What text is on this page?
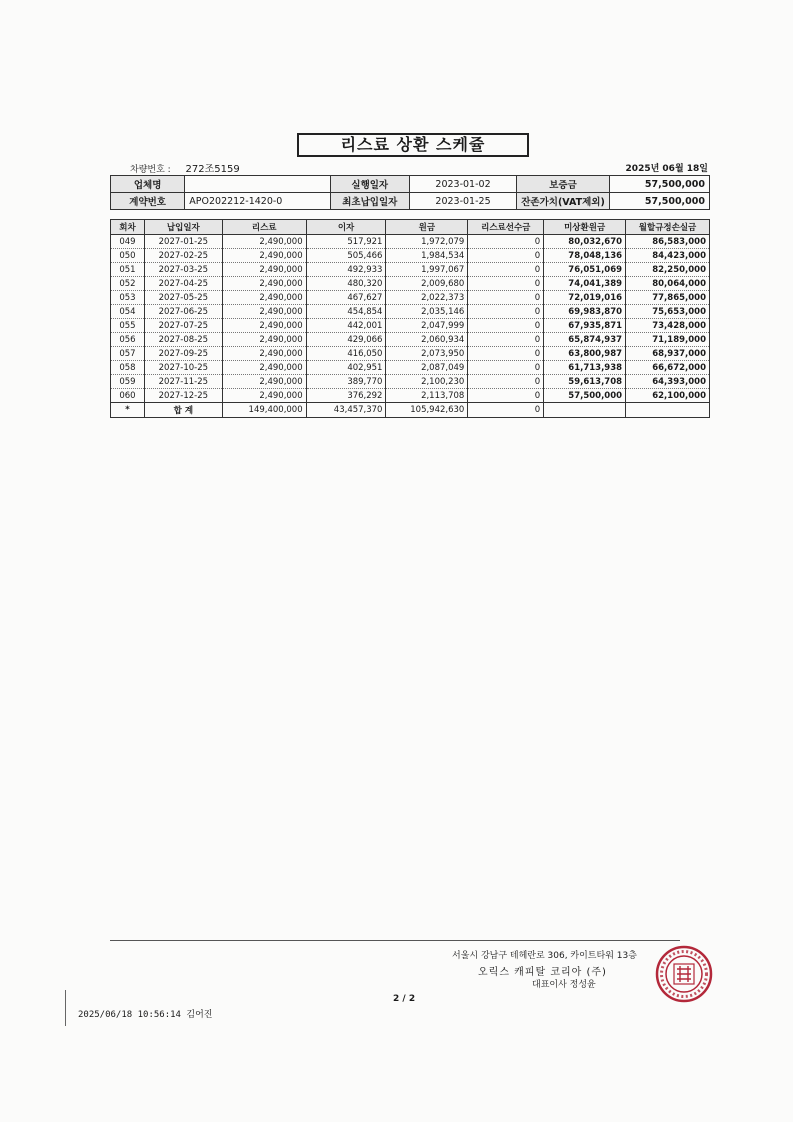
리스료 상환 스케쥴
차량번호 : 272조5159	2025년 06월 18일
업체명		실행일자	2023-01-02	보증금	57,500,000
계약번호	APO202212-1420-0	최초납입일자	2023-01-25	잔존가치(VAT제외)	57,500,000
회차	납입일자	리스료	이자	원금	리스료선수금	미상환원금	월할규정손실금
049	2027-01-25	2,490,000	517,921	1,972,079	0	80,032,670	86,583,000
050	2027-02-25	2,490,000	505,466	1,984,534	0	78,048,136	84,423,000
051	2027-03-25	2,490,000	492,933	1,997,067	0	76,051,069	82,250,000
052	2027-04-25	2,490,000	480,320	2,009,680	0	74,041,389	80,064,000
053	2027-05-25	2,490,000	467,627	2,022,373	0	72,019,016	77,865,000
054	2027-06-25	2,490,000	454,854	2,035,146	0	69,983,870	75,653,000
055	2027-07-25	2,490,000	442,001	2,047,999	0	67,935,871	73,428,000
056	2027-08-25	2,490,000	429,066	2,060,934	0	65,874,937	71,189,000
057	2027-09-25	2,490,000	416,050	2,073,950	0	63,800,987	68,937,000
058	2027-10-25	2,490,000	402,951	2,087,049	0	61,713,938	66,672,000
059	2027-11-25	2,490,000	389,770	2,100,230	0	59,613,708	64,393,000
060	2027-12-25	2,490,000	376,292	2,113,708	0	57,500,000	62,100,000
*	합 계	149,400,000	43,457,370	105,942,630	0		
서울시 강남구 테헤란로 306, 카이트타워 13층
오릭스 캐피탈 코리아 (주)
대표이사 정성윤
2 / 2
2025/06/18 10:56:14 김어진
